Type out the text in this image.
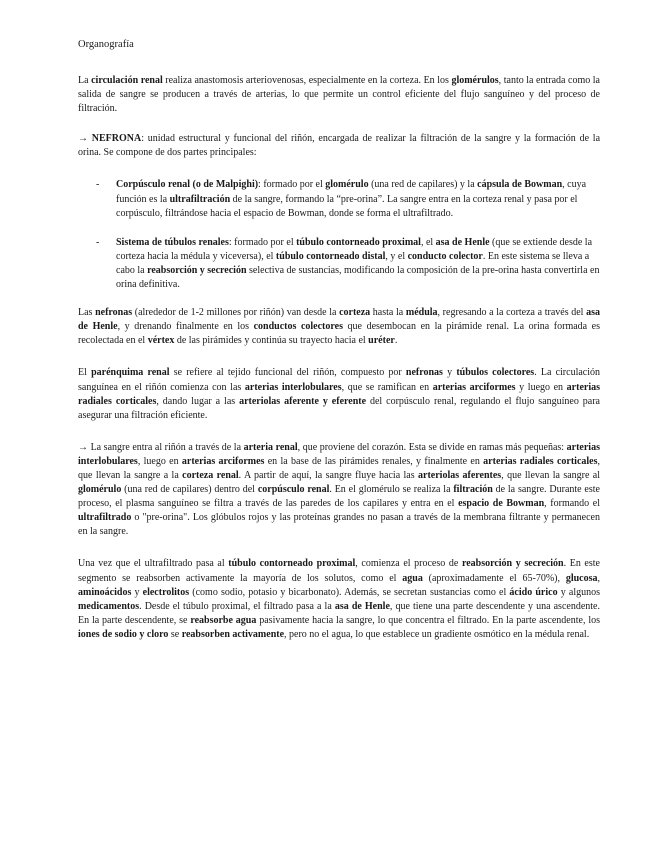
Organografía

La circulación renal realiza anastomosis arteriovenosas, especialmente en la corteza. En los glomérulos, tanto la entrada como la salida de sangre se producen a través de arterias, lo que permite un control eficiente del flujo sanguíneo y del proceso de filtración.

→ NEFRONA: unidad estructural y funcional del riñón, encargada de realizar la filtración de la sangre y la formación de la orina. Se compone de dos partes principales:

- Corpúsculo renal (o de Malpighi): formado por el glomérulo (una red de capilares) y la cápsula de Bowman, cuya función es la ultrafiltración de la sangre, formando la “pre-orina”. La sangre entra en la corteza renal y pasa por el corpúsculo, filtrándose hacia el espacio de Bowman, donde se forma el ultrafiltrado.
- Sistema de túbulos renales: formado por el túbulo contorneado proximal, el asa de Henle (que se extiende desde la corteza hacia la médula y viceversa), el túbulo contorneado distal, y el conducto colector. En este sistema se lleva a cabo la reabsorción y secreción selectiva de sustancias, modificando la composición de la pre-orina hasta convertirla en orina definitiva.

Las nefronas (alrededor de 1-2 millones por riñón) van desde la corteza hasta la médula, regresando a la corteza a través del asa de Henle, y drenando finalmente en los conductos colectores que desembocan en la pirámide renal. La orina formada es recolectada en el vértex de las pirámides y continúa su trayecto hacia el uréter.

El parénquima renal se refiere al tejido funcional del riñón, compuesto por nefronas y túbulos colectores. La circulación sanguínea en el riñón comienza con las arterias interlobulares, que se ramifican en arterias arciformes y luego en arterias radiales corticales, dando lugar a las arteriolas aferente y eferente del corpúsculo renal, regulando el flujo sanguíneo para asegurar una filtración eficiente.

→ La sangre entra al riñón a través de la arteria renal, que proviene del corazón. Esta se divide en ramas más pequeñas: arterias interlobulares, luego en arterias arciformes en la base de las pirámides renales, y finalmente en arterias radiales corticales, que llevan la sangre a la corteza renal. A partir de aquí, la sangre fluye hacia las arteriolas aferentes, que llevan la sangre al glomérulo (una red de capilares) dentro del corpúsculo renal. En el glomérulo se realiza la filtración de la sangre. Durante este proceso, el plasma sanguíneo se filtra a través de las paredes de los capilares y entra en el espacio de Bowman, formando el ultrafiltrado o "pre-orina". Los glóbulos rojos y las proteínas grandes no pasan a través de la membrana filtrante y permanecen en la sangre.

Una vez que el ultrafiltrado pasa al túbulo contorneado proximal, comienza el proceso de reabsorción y secreción. En este segmento se reabsorben activamente la mayoría de los solutos, como el agua (aproximadamente el 65-70%), glucosa, aminoácidos y electrolitos (como sodio, potasio y bicarbonato). Además, se secretan sustancias como el ácido úrico y algunos medicamentos. Desde el túbulo proximal, el filtrado pasa a la asa de Henle, que tiene una parte descendente y una ascendente. En la parte descendente, se reabsorbe agua pasivamente hacia la sangre, lo que concentra el filtrado. En la parte ascendente, los iones de sodio y cloro se reabsorben activamente, pero no el agua, lo que establece un gradiente osmótico en la médula renal.
